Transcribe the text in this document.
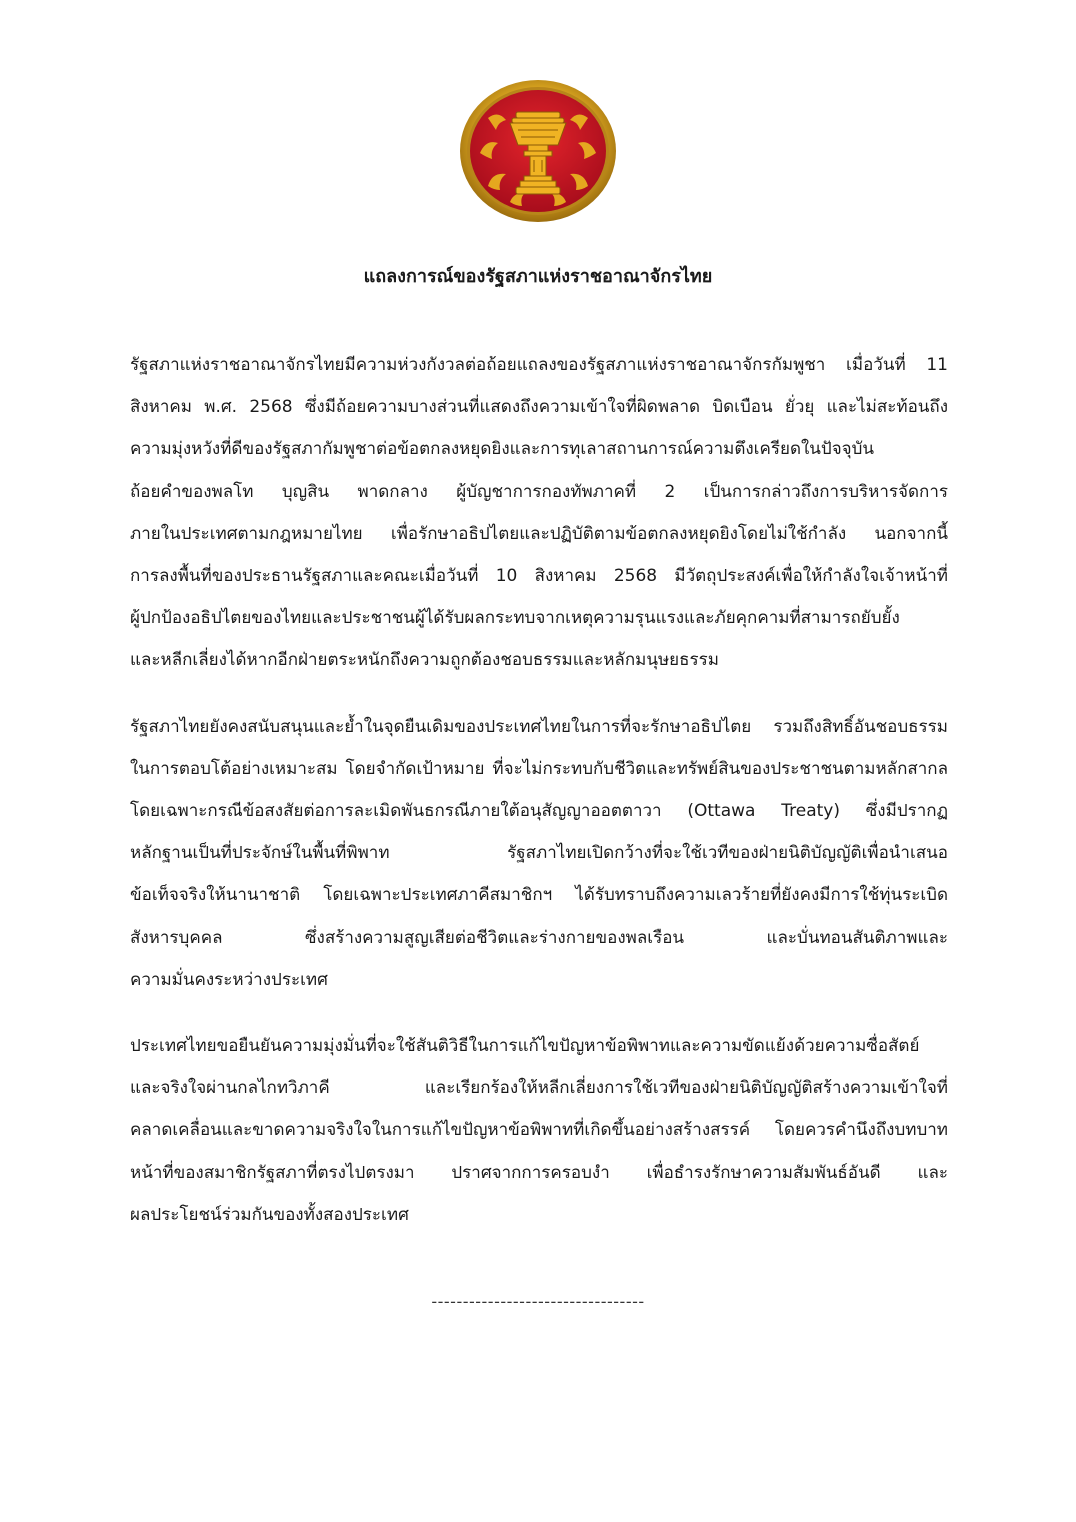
แถลงการณ์ของรัฐสภาแห่งราชอาณาจักรไทย
รัฐสภาแห่งราชอาณาจักรไทยมีความห่วงกังวลต่อถ้อยแถลงของรัฐสภาแห่งราชอาณาจักรกัมพูชา เมื่อวันที่ 11
สิงหาคม พ.ศ. 2568 ซึ่งมีถ้อยความบางส่วนที่แสดงถึงความเข้าใจที่ผิดพลาด บิดเบือน ยั่วยุ และไม่สะท้อนถึง
ความมุ่งหวังที่ดีของรัฐสภากัมพูชาต่อข้อตกลงหยุดยิงและการทุเลาสถานการณ์ความตึงเครียดในปัจจุบัน
ถ้อยคำของพลโท บุญสิน พาดกลาง ผู้บัญชาการกองทัพภาคที่ 2 เป็นการกล่าวถึงการบริหารจัดการ
ภายในประเทศตามกฎหมายไทย เพื่อรักษาอธิปไตยและปฏิบัติตามข้อตกลงหยุดยิงโดยไม่ใช้กำลัง นอกจากนี้
การลงพื้นที่ของประธานรัฐสภาและคณะเมื่อวันที่ 10 สิงหาคม 2568 มีวัตถุประสงค์เพื่อให้กำลังใจเจ้าหน้าที่
ผู้ปกป้องอธิปไตยของไทยและประชาชนผู้ได้รับผลกระทบจากเหตุความรุนแรงและภัยคุกคามที่สามารถยับยั้ง
และหลีกเลี่ยงได้หากอีกฝ่ายตระหนักถึงความถูกต้องชอบธรรมและหลักมนุษยธรรม
รัฐสภาไทยยังคงสนับสนุนและย้ำในจุดยืนเดิมของประเทศไทยในการที่จะรักษาอธิปไตย รวมถึงสิทธิ์อันชอบธรรม
ในการตอบโต้อย่างเหมาะสม โดยจำกัดเป้าหมาย ที่จะไม่กระทบกับชีวิตและทรัพย์สินของประชาชนตามหลักสากล
โดยเฉพาะกรณีข้อสงสัยต่อการละเมิดพันธกรณีภายใต้อนุสัญญาออตตาวา (Ottawa Treaty) ซึ่งมีปรากฏ
หลักฐานเป็นที่ประจักษ์ในพื้นที่พิพาท รัฐสภาไทยเปิดกว้างที่จะใช้เวทีของฝ่ายนิติบัญญัติเพื่อนำเสนอ
ข้อเท็จจริงให้นานาชาติ โดยเฉพาะประเทศภาคีสมาชิกฯ ได้รับทราบถึงความเลวร้ายที่ยังคงมีการใช้ทุ่นระเบิด
สังหารบุคคล ซึ่งสร้างความสูญเสียต่อชีวิตและร่างกายของพลเรือน และบั่นทอนสันติภาพและ
ความมั่นคงระหว่างประเทศ
ประเทศไทยขอยืนยันความมุ่งมั่นที่จะใช้สันติวิธีในการแก้ไขปัญหาข้อพิพาทและความขัดแย้งด้วยความซื่อสัตย์
และจริงใจผ่านกลไกทวิภาคี และเรียกร้องให้หลีกเลี่ยงการใช้เวทีของฝ่ายนิติบัญญัติสร้างความเข้าใจที่
คลาดเคลื่อนและขาดความจริงใจในการแก้ไขปัญหาข้อพิพาทที่เกิดขึ้นอย่างสร้างสรรค์ โดยควรคำนึงถึงบทบาท
หน้าที่ของสมาชิกรัฐสภาที่ตรงไปตรงมา ปราศจากการครอบงำ เพื่อธำรงรักษาความสัมพันธ์อันดี และ
ผลประโยชน์ร่วมกันของทั้งสองประเทศ
----------------------------------
